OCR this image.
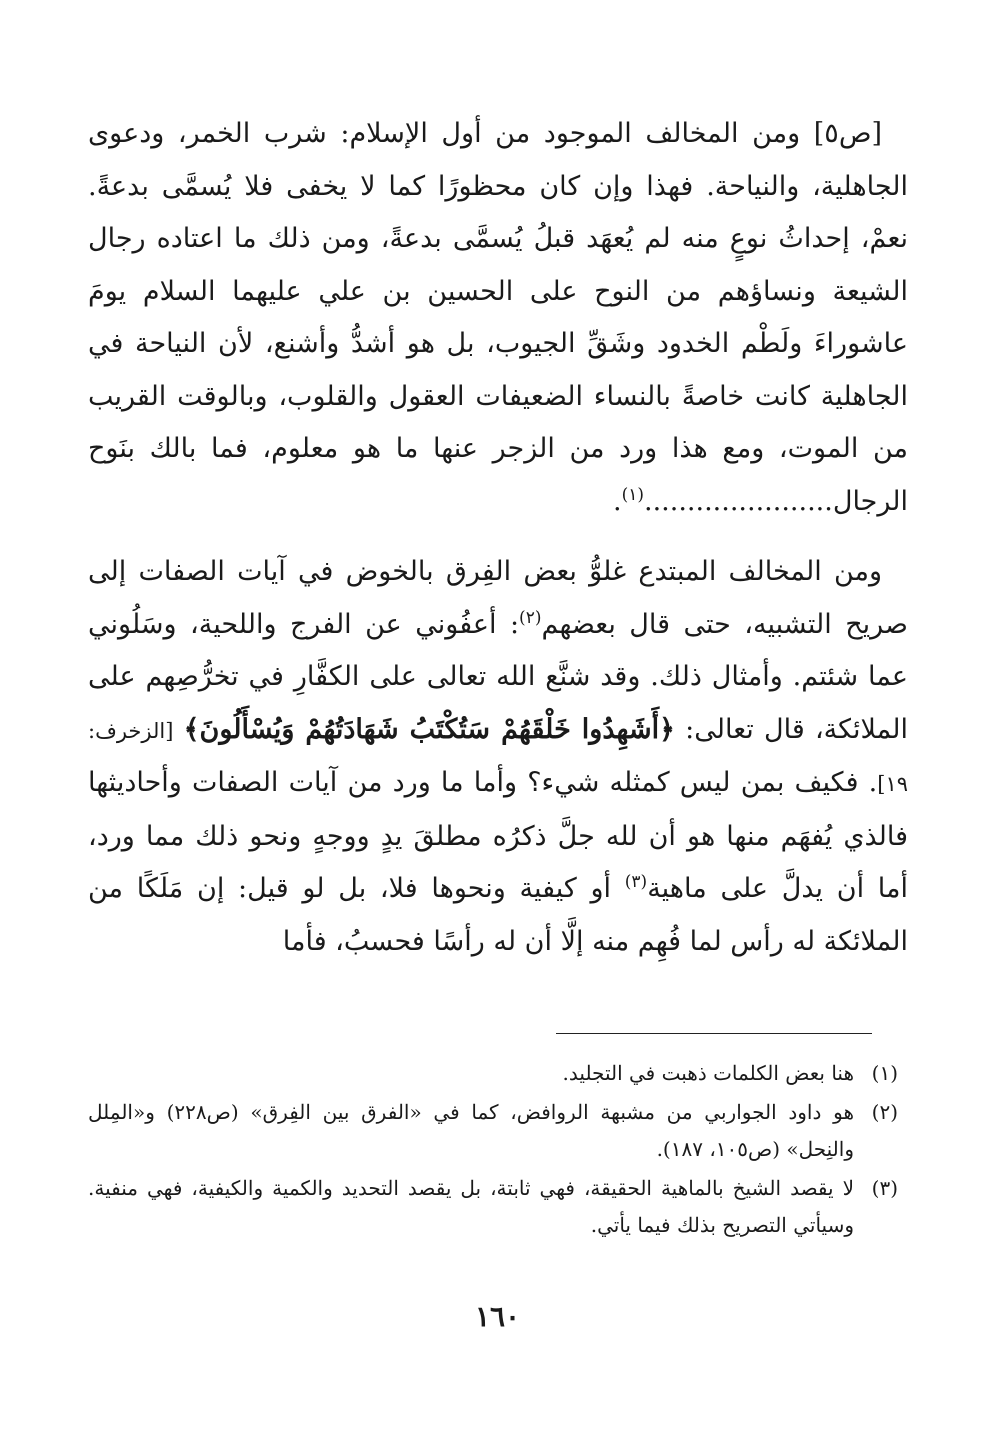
[ص٥] ومن المخالف الموجود من أول الإسلام: شرب الخمر، ودعوى الجاهلية، والنياحة. فهذا وإن كان محظورًا كما لا يخفى فلا يُسمَّى بدعةً. نعمْ، إحداثُ نوعٍ منه لم يُعهَد قبلُ يُسمَّى بدعةً، ومن ذلك ما اعتاده رجال الشيعة ونساؤهم من النوح على الحسين بن علي عليهما السلام يومَ عاشوراءَ ولَطْم الخدود وشَقِّ الجيوب، بل هو أشدُّ وأشنع، لأن النياحة في الجاهلية كانت خاصةً بالنساء الضعيفات العقول والقلوب، وبالوقت القريب من الموت، ومع هذا ورد من الزجر عنها ما هو معلوم، فما بالك بنَوح الرجال......................$^{(١)}$.

ومن المخالف المبتدع غلوُّ بعض الفِرق بالخوض في آيات الصفات إلى صريح التشبيه، حتى قال بعضهم$^{(٢)}$: أعفُوني عن الفرج واللحية، وسَلُوني عما شئتم. وأمثال ذلك. وقد شنَّع الله تعالى على الكفَّارِ في تخرُّصِهم على الملائكة، قال تعالى: ﴿أَشَهِدُوا خَلْقَهُمْ سَتُكْتَبُ شَهَادَتُهُمْ وَيُسْأَلُونَ﴾ [الزخرف: ١٩]. فكيف بمن ليس كمثله شيء؟ وأما ما ورد من آيات الصفات وأحاديثها فالذي يُفهَم منها هو أن لله جلَّ ذكرُه مطلقَ يدٍ ووجهٍ ونحو ذلك مما ورد، أما أن يدلَّ على ماهية$^{(٣)}$ أو كيفية ونحوها فلا، بل لو قيل: إن مَلَكًا من الملائكة له رأس لما فُهِم منه إلَّا أن له رأسًا فحسبُ، فأما

(١)
هنا بعض الكلمات ذهبت في التجليد.
(٢)
هو داود الجواربي من مشبهة الروافض، كما في «الفرق بين الفِرق» (ص٢٢٨) و«المِلل والنِحل» (ص١٠٥، ١٨٧).
(٣)
لا يقصد الشيخ بالماهية الحقيقة، فهي ثابتة، بل يقصد التحديد والكمية والكيفية، فهي منفية. وسيأتي التصريح بذلك فيما يأتي.
١٦٠
